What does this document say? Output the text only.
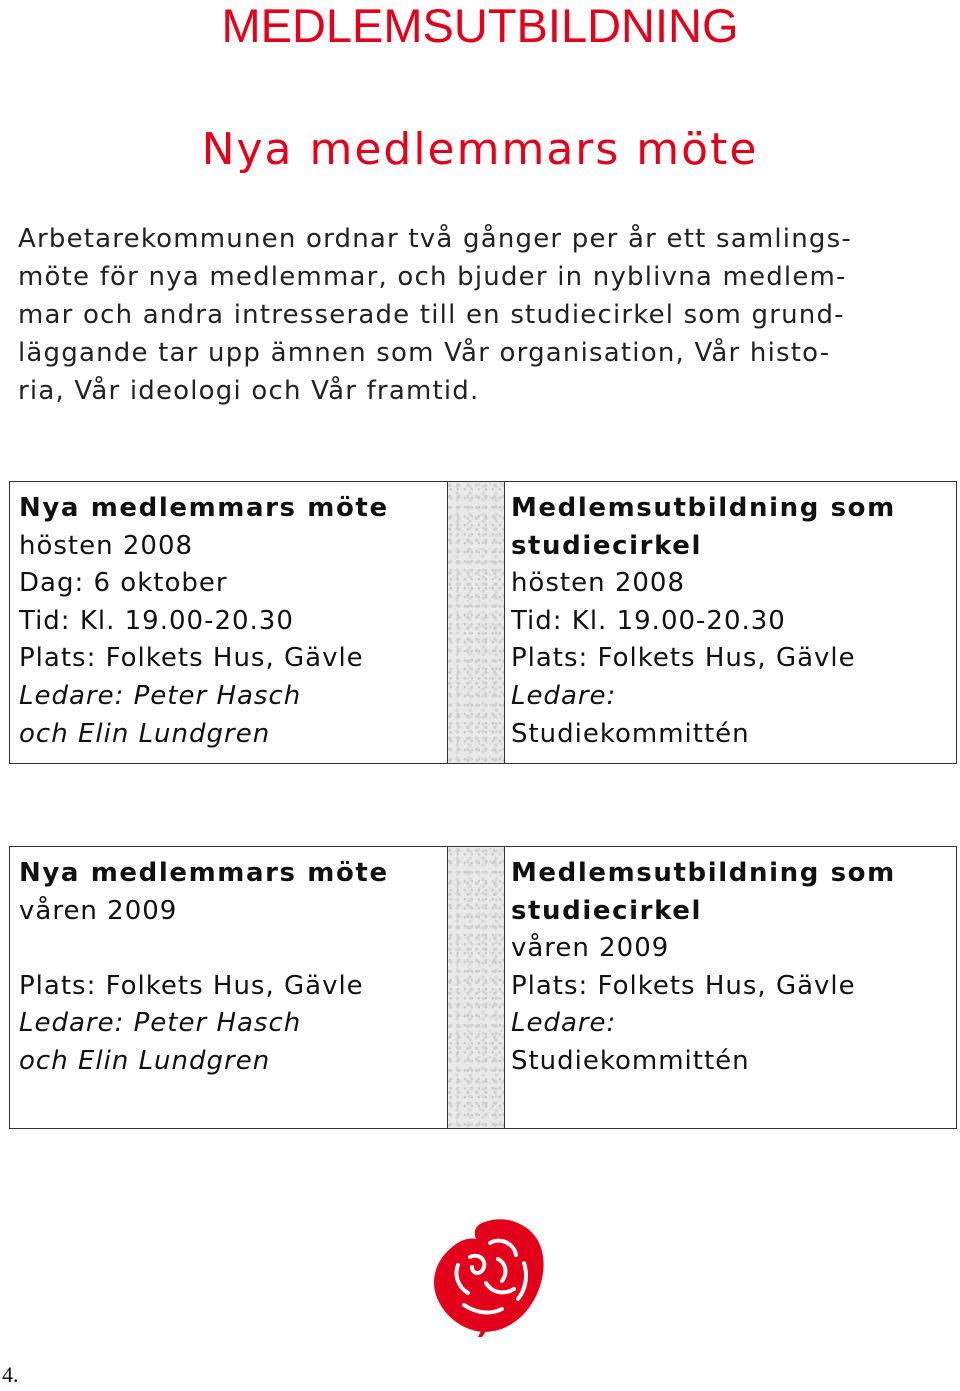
MEDLEMSUTBILDNING
Nya medlemmars möte

Arbetarekommunen ordnar två gånger per år ett samlings-
möte för nya medlemmar, och bjuder in nyblivna medlem-
mar och andra intresserade till en studiecirkel som grund-
läggande tar upp ämnen som Vår organisation, Vår histo-
ria, Vår ideologi och Vår framtid.

Nya medlemmars möte
hösten 2008
Dag: 6 oktober
Tid: Kl. 19.00-20.30
Plats: Folkets Hus, Gävle
Ledare: Peter Hasch
och Elin Lundgren
Medlemsutbildning som
studiecirkel
hösten 2008
Tid: Kl. 19.00-20.30
Plats: Folkets Hus, Gävle
Ledare:
Studiekommittén
Nya medlemmars möte
våren 2009
Plats: Folkets Hus, Gävle
Ledare: Peter Hasch
och Elin Lundgren
Medlemsutbildning som
studiecirkel
våren 2009
Plats: Folkets Hus, Gävle
Ledare:
Studiekommittén
4.
